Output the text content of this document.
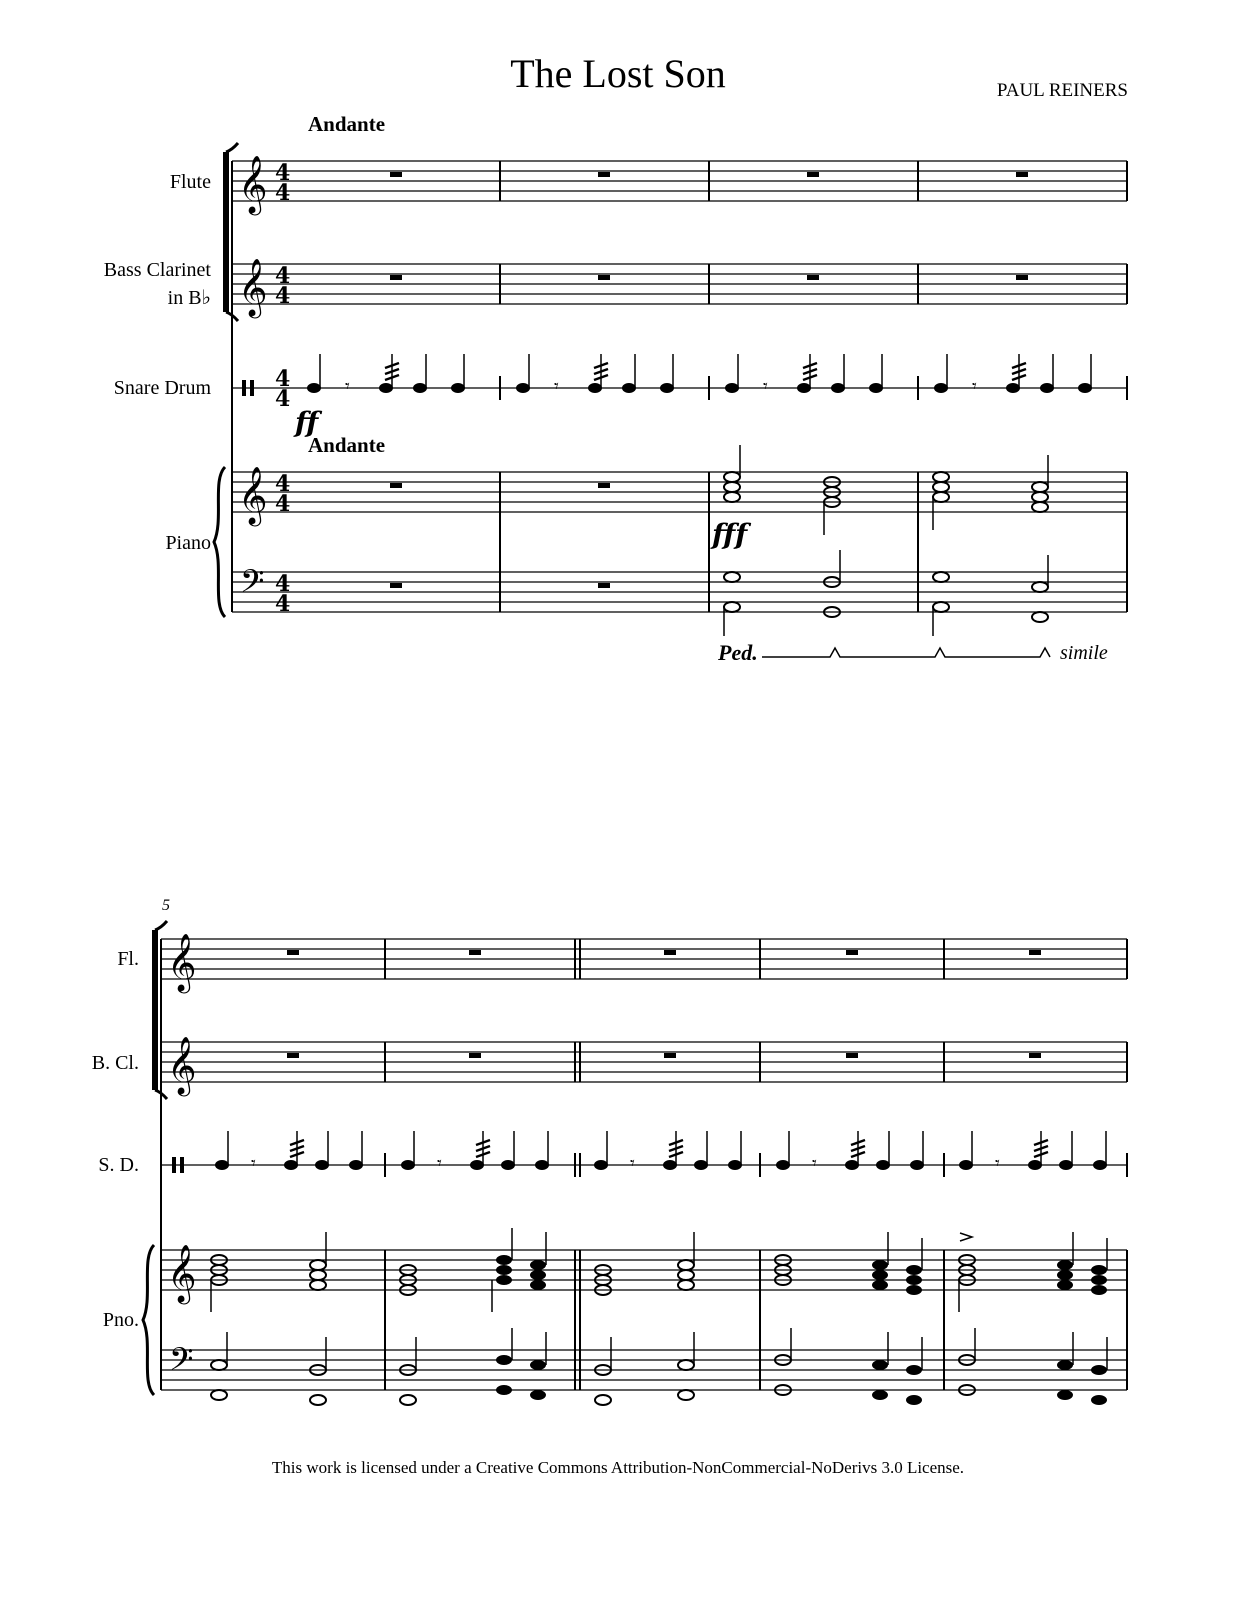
The Lost Son	PAUL REINERS
Andante
Andante
Flute
Bass Clarinet
in B♭
Snare Drum
Piano
ff
fff
Ped.	simile
5
Fl.
B. Cl.
S. D.
Pno.
This work is licensed under a Creative Commons Attribution-NonCommercial-NoDerivs 3.0 License.
𝄞 4
4
𝄞 4
4
4
4	𝄾
𝄞 4
4
𝄢 4
4
𝄞
𝄞
𝄾
𝄞
𝄢
